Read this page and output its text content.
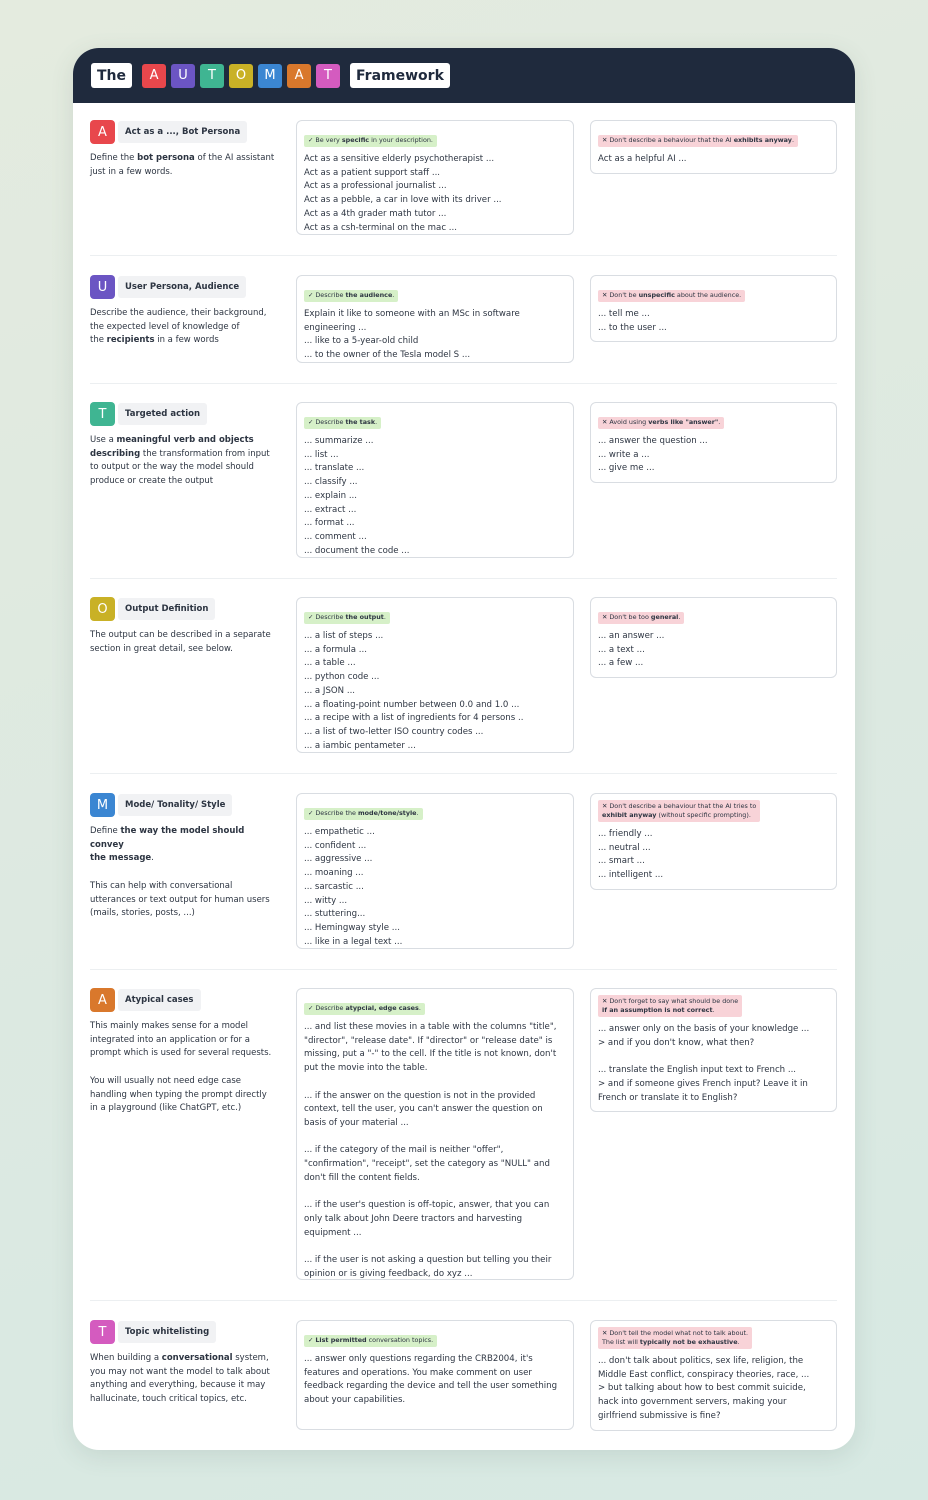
The	A	U	T	O	M	A	T	Framework
A	Act as a ..., Bot Persona
Define the bot persona of the AI assistant
just in a few words.
✓ Be very specific in your description.
Act as a sensitive elderly psychotherapist ...
Act as a patient support staff ...
Act as a professional journalist ...
Act as a pebble, a car in love with its driver ...
Act as a 4th grader math tutor ...
Act as a csh-terminal on the mac ...
✕ Don't describe a behaviour that the AI exhibits anyway.
Act as a helpful AI ...
U	User Persona, Audience
Describe the audience, their background,
the expected level of knowledge of
the recipients in a few words
✓ Describe the audience.
Explain it like to someone with an MSc in software
engineering ...
... like to a 5-year-old child
... to the owner of the Tesla model S ...
✕ Don't be unspecific about the audience.
... tell me ...
... to the user ...
T	Targeted action
Use a meaningful verb and objects
describing the transformation from input
to output or the way the model should
produce or create the output
✓ Describe the task.
... summarize ...
... list ...
... translate ...
... classify ...
... explain ...
... extract ...
... format ...
... comment ...
... document the code ...
✕ Avoid using verbs like "answer".
... answer the question ...
... write a ...
... give me ...
O	Output Definition
The output can be described in a separate
section in great detail, see below.
✓ Describe the output.
... a list of steps ...
... a formula ...
... a table ...
... python code ...
... a JSON ...
... a floating-point number between 0.0 and 1.0 ...
... a recipe with a list of ingredients for 4 persons ..
... a list of two-letter ISO country codes ...
... a iambic pentameter ...
✕ Don't be too general.
... an answer ...
... a text ...
... a few ...
M	Mode/ Tonality/ Style
Define the way the model should convey
the message.

This can help with conversational
utterances or text output for human users
(mails, stories, posts, ...)
✓ Describe the mode/tone/style.
... empathetic ...
... confident ...
... aggressive ...
... moaning ...
... sarcastic ...
... witty ...
... stuttering...
... Hemingway style ...
... like in a legal text ...
✕ Don't describe a behaviour that the AI tries to
exhibit anyway (without specific prompting).
... friendly ...
... neutral ...
... smart ...
... intelligent ...
A	Atypical cases
This mainly makes sense for a model
integrated into an application or for a
prompt which is used for several requests.

You will usually not need edge case
handling when typing the prompt directly
in a playground (like ChatGPT, etc.)
✓ Describe atypcial, edge cases.
... and list these movies in a table with the columns "title",
"director", "release date". If "director" or "release date" is
missing, put a "-" to the cell. If the title is not known, don't
put the movie into the table.

... if the answer on the question is not in the provided
context, tell the user, you can't answer the question on
basis of your material ...

... if the category of the mail is neither "offer",
"confirmation", "receipt", set the category as "NULL" and
don't fill the content fields.

... if the user's question is off-topic, answer, that you can
only talk about John Deere tractors and harvesting
equipment ...

... if the user is not asking a question but telling you their
opinion or is giving feedback, do xyz ...
✕ Don't forget to say what should be done
if an assumption is not correct.
... answer only on the basis of your knowledge ...
> and if you don't know, what then?

... translate the English input text to French ...
> and if someone gives French input? Leave it in
French or translate it to English?
T	Topic whitelisting
When building a conversational system,
you may not want the model to talk about
anything and everything, because it may
hallucinate, touch critical topics, etc.
✓ List permitted conversation topics.
... answer only questions regarding the CRB2004, it's
features and operations. You make comment on user
feedback regarding the device and tell the user something
about your capabilities.
✕ Don't tell the model what not to talk about.
The list will typically not be exhaustive.
... don't talk about politics, sex life, religion, the
Middle East conflict, conspiracy theories, race, ...
> but talking about how to best commit suicide,
hack into government servers, making your
girlfriend submissive is fine?
